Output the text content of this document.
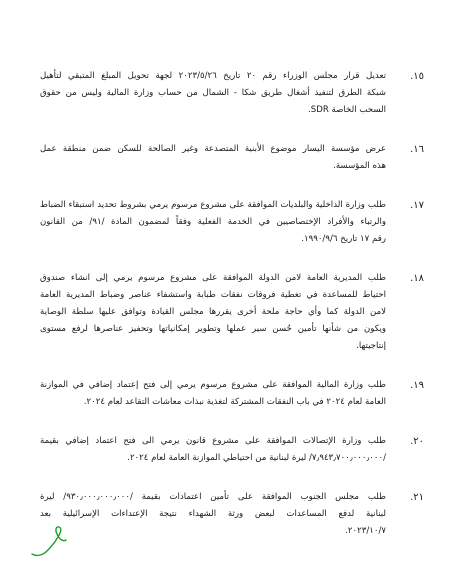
١٥.
تعديل قرار مجلس الوزراء رقم ٢٠ تاريخ ٢٠٢٣/٥/٢٦ لجهة تحويل المبلغ المتبقي لتأهيل
شبكة الطرق لتنفيذ أشغال طريق شكا - الشمال من حساب وزارة المالية وليس من حقوق
السحب الخاصة SDR.
١٦.
عرض مؤسسة اليسار موضوع الأبنية المتصدعة وغير الصالحة للسكن ضمن منطقة عمل
هذه المؤسسة.
١٧.
طلب وزارة الداخلية والبلديات الموافقة على مشروع مرسوم يرمي بشروط تحديد استبقاء الضباط
والرتباء والأفراد الإختصاصيين في الخدمة الفعلية وفقاً لمضمون المادة /٩١/ من القانون
رقم ١٧ تاريخ ١٩٩٠/٩/٦.
١٨.
طلب المديرية العامة لامن الدولة الموافقة على مشروع مرسوم يرمي إلى انشاء صندوق
احتياط للمساعدة في تغطية فروقات نفقات طبابة واستشفاء عناصر وضباط المديرية العامة
لامن الدولة كما وأي حاجة ملحة أخرى يقررها مجلس القيادة وتوافق عليها سلطة الوصاية
ويكون من شأنها تأمين حُسن سير عملها وتطوير إمكانياتها وتحفيز عناصرها لرفع مستوى
إنتاجيتها.
١٩.
طلب وزارة المالية الموافقة على مشروع مرسوم يرمي إلى فتح إعتماد إضافي في الموازنة
العامة لعام ٢٠٢٤ في باب النفقات المشتركة لتغذية نبذات معاشات التقاعد لعام ٢٠٢٤.
٢٠.
طلب وزارة الإتصالات الموافقة على مشروع قانون يرمي الى فتح اعتماد إضافي بقيمة
/٧٫٩٤٣٫٧٠٠٫٠٠٠٫٠٠٠/ ليرة لبنانية من احتياطي الموازنة العامة لعام ٢٠٢٤.
٢١.
طلب مجلس الجنوب الموافقة على تأمين اعتمادات بقيمة /٩٣٠٫٠٠٠٫٠٠٠٫٠٠٠/ ليرة
لبنانية لدفع المساعدات لبعض ورثة الشهداء نتيجة الإعتداءات الإسرائيلية بعد
٢٠٢٣/١٠/٧.
